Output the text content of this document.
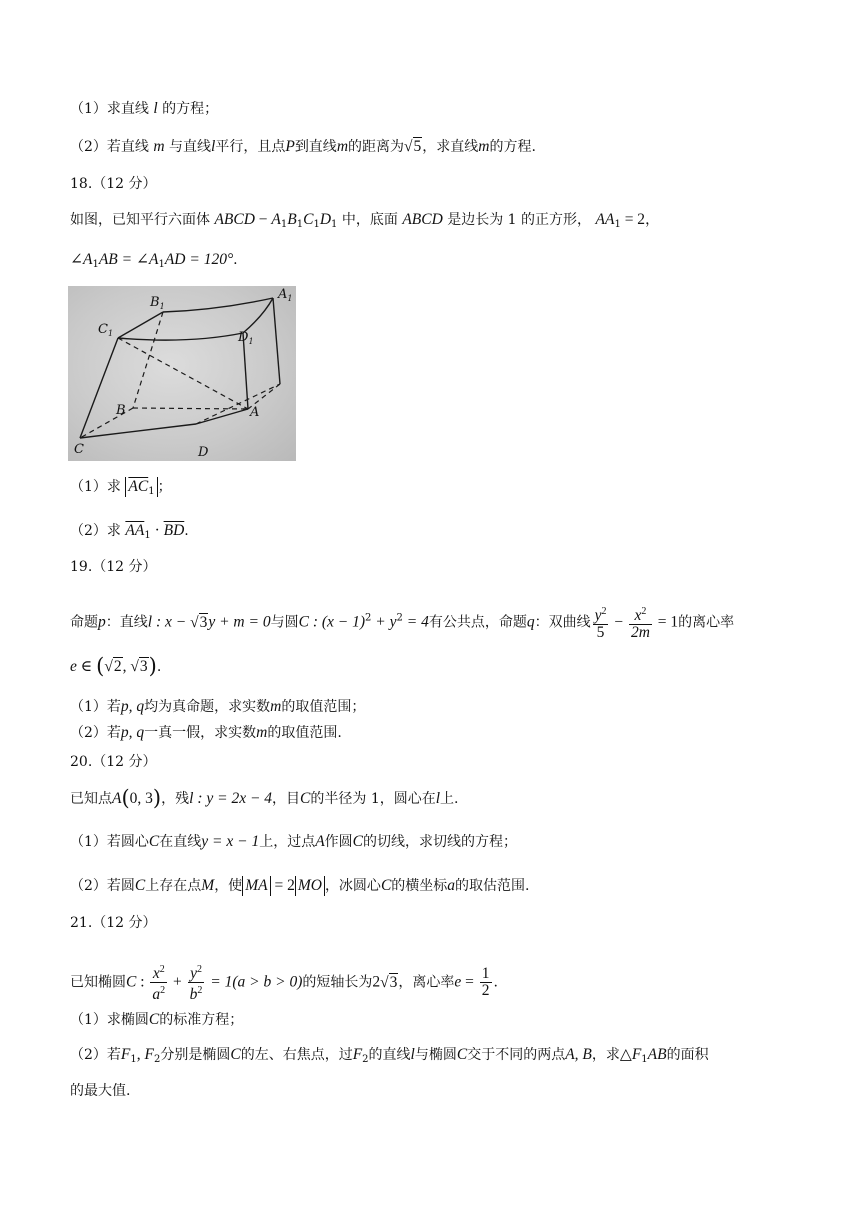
（1）求直线 l 的方程；
（2）若直线 m 与直线l平行，且点P到直线m的距离为√5，求直线m的方程.
18.（12 分）
如图，已知平行六面体 ABCD − $A_1B_1C_1D_1$ 中，底面 ABCD 是边长为 1 的正方形， $AA_1 = 2$，
$\angle A_1AB$ = $\angle A_1AD = 120^\circ$.
$B_1$
$A_1$
$C_1$	$D_1$
B	A
C	D
（1）求 $\overline{AC}_1$ ；
（2）求 $\overline{AA}_1 \cdot \overline{BD}$.
19.（12 分）
命题p：直线l : x − √3y + m = 0与圆C : $(x - 1)^2 + y^2 = 4$有公共点，命题q：双曲线 $\frac{y^2}{5} - \frac{x^2}{2m} = 1$的离心率
e ∈ (√2, √3).
（1）若p, q均为真命题，求实数m的取值范围；
（2）若p, q一真一假，求实数m的取值范围.
20.（12 分）
已知点A(0, 3)，残l : y = 2x − 4，目C的半径为 1，圆心在l上.
（1）若圆心C在直线y = x − 1上，过点A作圆C的切线，求切线的方程；
（2）若圆C上存在点M，使 MA = 2 MO ，冰圆心C的横坐标a的取估范围.
21.（12 分）
已知椭圆C : $\frac{x^2}{a^2} + \frac{y^2}{b^2} = 1(a > b > 0)$的短轴长为2√3，离心率$e = \frac{1}{2}$ .
（1）求椭圆C的标准方程；
（2）若$F_1$, $F_2$分别是椭圆C的左、右焦点，过$F_2$的直线l与椭圆C交于不同的两点A, B，求$\triangle F_1AB$的面积
的最大值.
